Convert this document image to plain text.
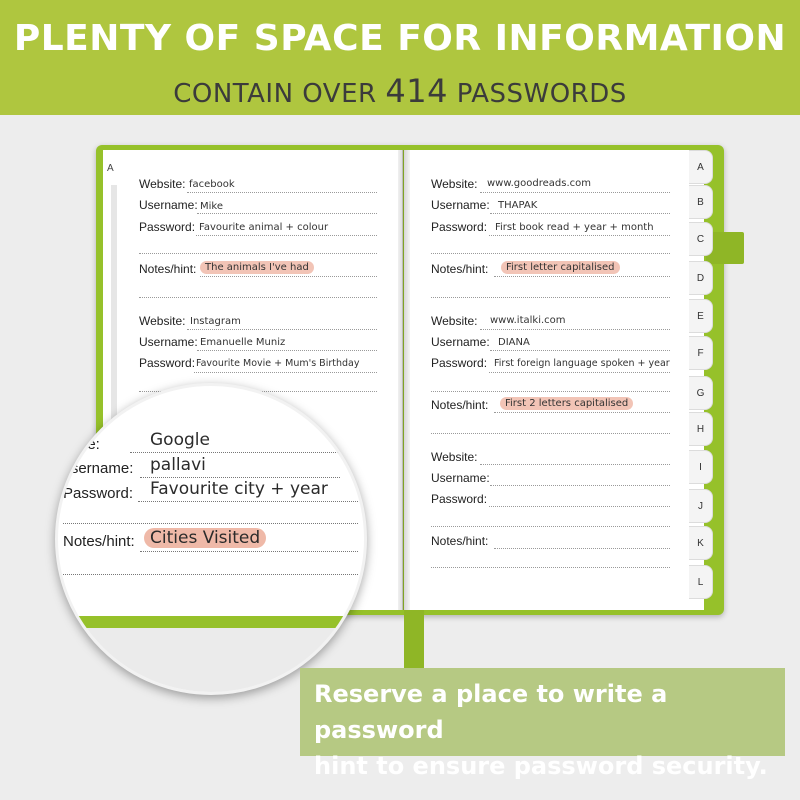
PLENTY OF SPACE FOR INFORMATION
CONTAIN OVER 414 PASSWORDS
A
Website: facebook
Username: Mike
Password: Favourite animal + colour
Notes/hint: The animals I've had
Website: Instagram
Username: Emanuelle Muniz
Password: Favourite Movie + Mum's Birthday
Website: www.goodreads.com
Username: THAPAK
Password: First book read + year + month
Notes/hint:	First letter capitalised
Website: www.italki.com
Username: DIANA
Password: First foreign language spoken + year
Notes/hint:	First 2 letters capitalised
Website:
Username:
Password:
Notes/hint:
A
B
C
D
E
F
G
H
I
J
K
L
bsite:	Google
Username: pallavi
Password: Favourite city + year
Notes/hint: Cities Visited
Reserve a place to write a password
hint to ensure password security.
